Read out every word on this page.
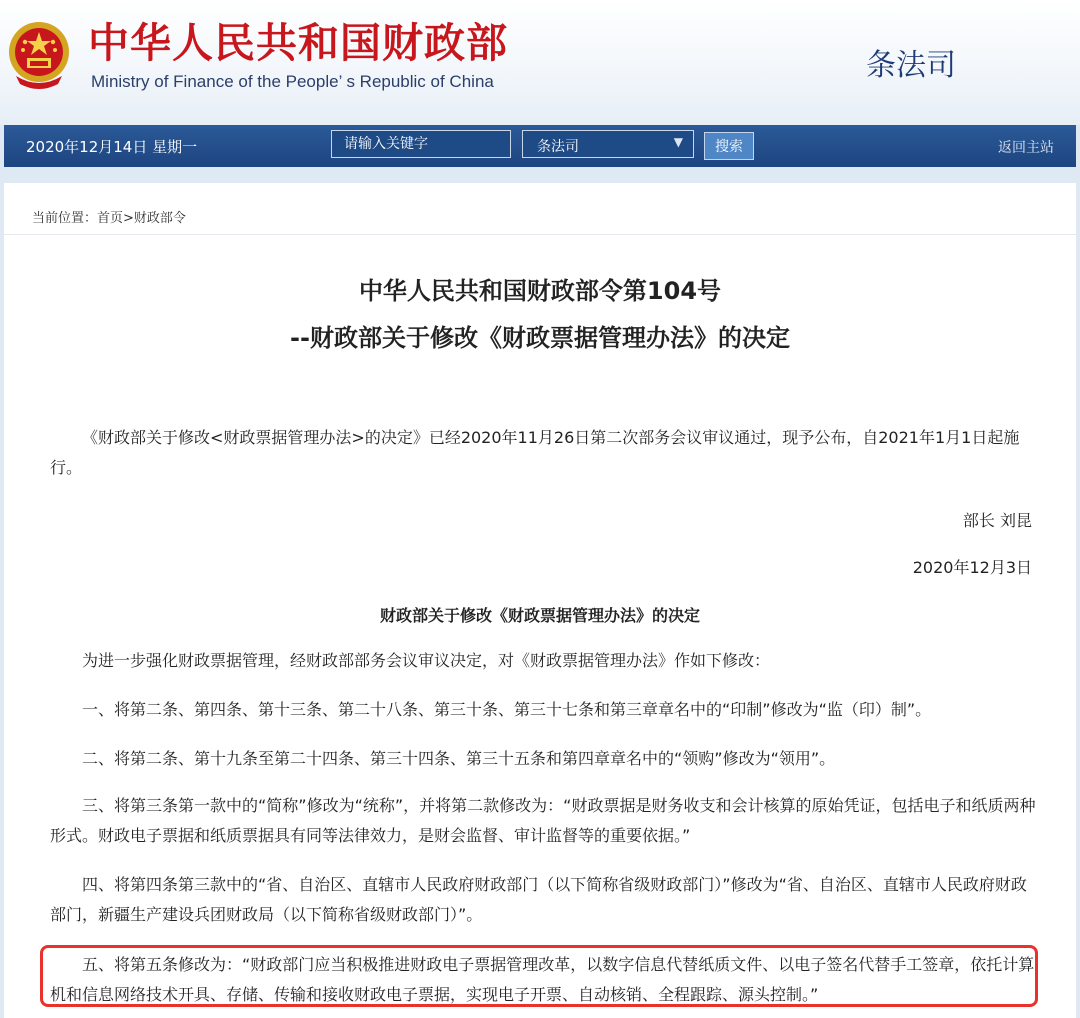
中华人民共和国财政部
Ministry of Finance of the People’ s Republic of China	条法司
2020年12月14日 星期一
请输入关键字	条法司	▼	搜索	返回主站
当前位置：首页>财政部令
中华人民共和国财政部令第104号
--财政部关于修改《财政票据管理办法》的决定

《财政部关于修改<财政票据管理办法>的决定》已经2020年11月26日第二次部务会议审议通过，现予公布，自2021年1月1日起施行。

部长 刘昆
2020年12月3日
财政部关于修改《财政票据管理办法》的决定

为进一步强化财政票据管理，经财政部部务会议审议决定，对《财政票据管理办法》作如下修改：

一、将第二条、第四条、第十三条、第二十八条、第三十条、第三十七条和第三章章名中的“印制”修改为“监（印）制”。

二、将第二条、第十九条至第二十四条、第三十四条、第三十五条和第四章章名中的“领购”修改为“领用”。

三、将第三条第一款中的“简称”修改为“统称”，并将第二款修改为：“财政票据是财务收支和会计核算的原始凭证，包括电子和纸质两种形式。财政电子票据和纸质票据具有同等法律效力，是财会监督、审计监督等的重要依据。”

四、将第四条第三款中的“省、自治区、直辖市人民政府财政部门（以下简称省级财政部门）”修改为“省、自治区、直辖市人民政府财政部门，新疆生产建设兵团财政局（以下简称省级财政部门）”。

五、将第五条修改为：“财政部门应当积极推进财政电子票据管理改革，以数字信息代替纸质文件、以电子签名代替手工签章，依托计算机和信息网络技术开具、存储、传输和接收财政电子票据，实现电子开票、自动核销、全程跟踪、源头控制。”
